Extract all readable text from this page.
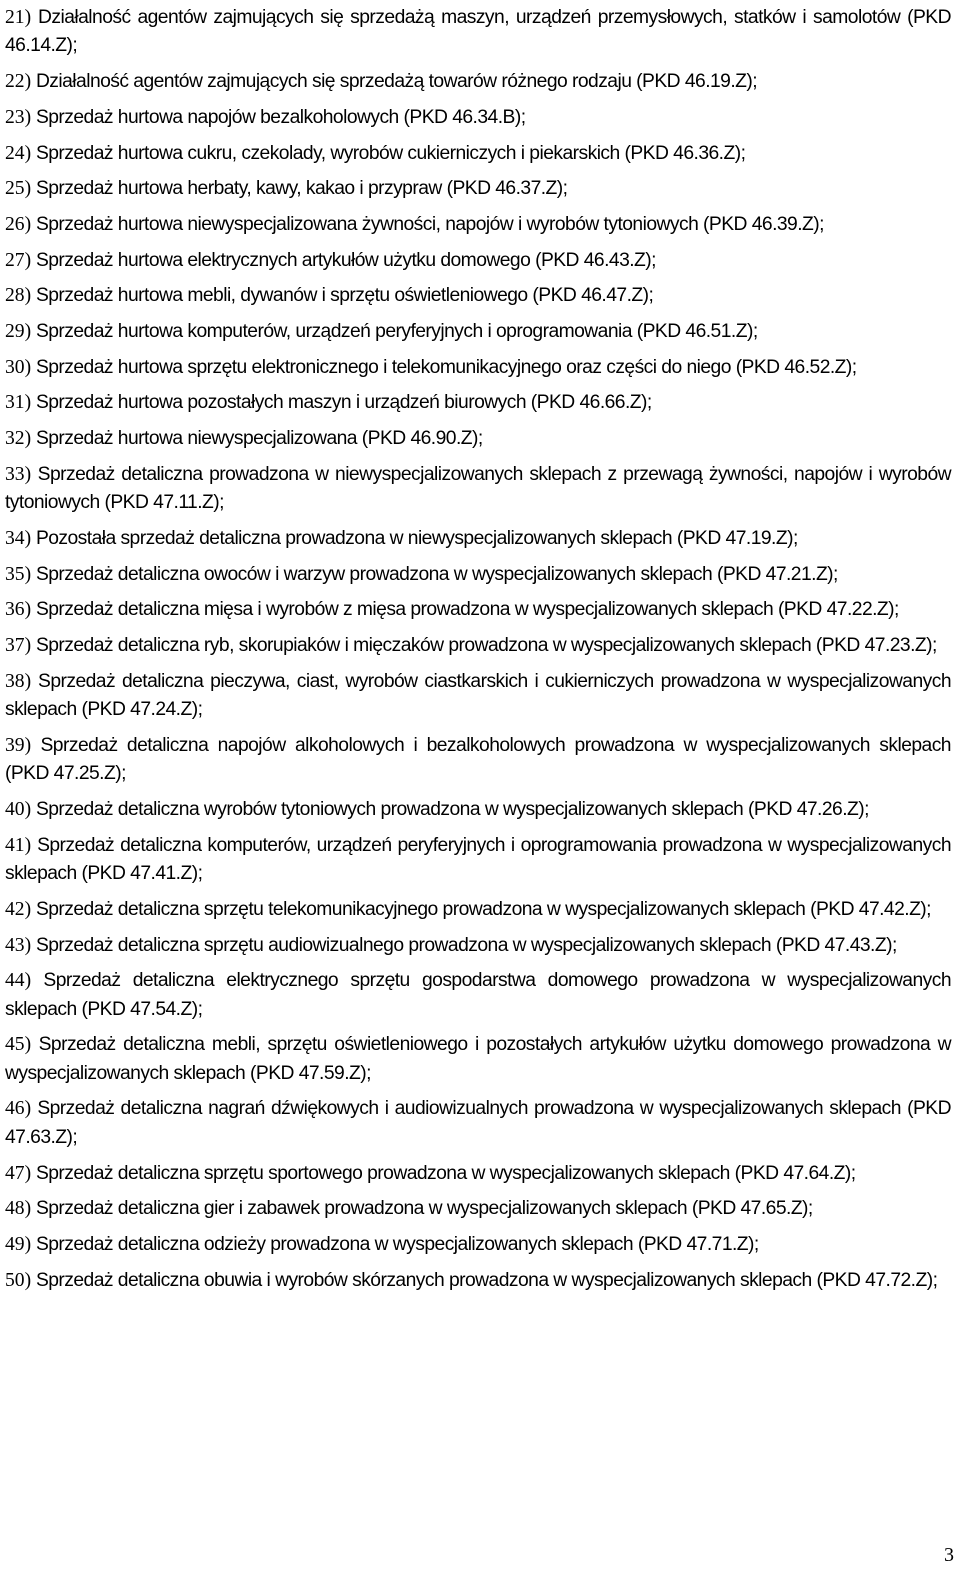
21) Działalność agentów zajmujących się sprzedażą maszyn, urządzeń przemysłowych, statków i samolotów (PKD 46.14.Z);
22) Działalność agentów zajmujących się sprzedażą towarów różnego rodzaju (PKD 46.19.Z);
23) Sprzedaż hurtowa napojów bezalkoholowych (PKD 46.34.B);
24) Sprzedaż hurtowa cukru, czekolady, wyrobów cukierniczych i piekarskich (PKD 46.36.Z);
25) Sprzedaż hurtowa herbaty, kawy, kakao i przypraw (PKD 46.37.Z);
26) Sprzedaż hurtowa niewyspecjalizowana żywności, napojów i wyrobów tytoniowych (PKD 46.39.Z);
27) Sprzedaż hurtowa elektrycznych artykułów użytku domowego (PKD 46.43.Z);
28) Sprzedaż hurtowa mebli, dywanów i sprzętu oświetleniowego (PKD 46.47.Z);
29) Sprzedaż hurtowa komputerów, urządzeń peryferyjnych i oprogramowania (PKD 46.51.Z);
30) Sprzedaż hurtowa sprzętu elektronicznego i telekomunikacyjnego oraz części do niego (PKD 46.52.Z);
31) Sprzedaż hurtowa pozostałych maszyn i urządzeń biurowych (PKD 46.66.Z);
32) Sprzedaż hurtowa niewyspecjalizowana (PKD 46.90.Z);
33) Sprzedaż detaliczna prowadzona w niewyspecjalizowanych sklepach z przewagą żywności, napojów i wyrobów tytoniowych (PKD 47.11.Z);
34) Pozostała sprzedaż detaliczna prowadzona w niewyspecjalizowanych sklepach (PKD 47.19.Z);
35) Sprzedaż detaliczna owoców i warzyw prowadzona w wyspecjalizowanych sklepach (PKD 47.21.Z);
36) Sprzedaż detaliczna mięsa i wyrobów z mięsa prowadzona w wyspecjalizowanych sklepach (PKD 47.22.Z);
37) Sprzedaż detaliczna ryb, skorupiaków i mięczaków prowadzona w wyspecjalizowanych sklepach (PKD 47.23.Z);
38) Sprzedaż detaliczna pieczywa, ciast, wyrobów ciastkarskich i cukierniczych prowadzona w wyspecjalizowanych sklepach (PKD 47.24.Z);
39) Sprzedaż detaliczna napojów alkoholowych i bezalkoholowych prowadzona w wyspecjalizowanych sklepach (PKD 47.25.Z);
40) Sprzedaż detaliczna wyrobów tytoniowych prowadzona w wyspecjalizowanych sklepach (PKD 47.26.Z);
41) Sprzedaż detaliczna komputerów, urządzeń peryferyjnych i oprogramowania prowadzona w wyspecjalizowanych sklepach (PKD 47.41.Z);
42) Sprzedaż detaliczna sprzętu telekomunikacyjnego prowadzona w wyspecjalizowanych sklepach (PKD 47.42.Z);
43) Sprzedaż detaliczna sprzętu audiowizualnego prowadzona w wyspecjalizowanych sklepach (PKD 47.43.Z);
44) Sprzedaż detaliczna elektrycznego sprzętu gospodarstwa domowego prowadzona w wyspecjalizowanych sklepach (PKD 47.54.Z);
45) Sprzedaż detaliczna mebli, sprzętu oświetleniowego i pozostałych artykułów użytku domowego prowadzona w wyspecjalizowanych sklepach (PKD 47.59.Z);
46) Sprzedaż detaliczna nagrań dźwiękowych i audiowizualnych prowadzona w wyspecjalizowanych sklepach (PKD 47.63.Z);
47) Sprzedaż detaliczna sprzętu sportowego prowadzona w wyspecjalizowanych sklepach (PKD 47.64.Z);
48) Sprzedaż detaliczna gier i zabawek prowadzona w wyspecjalizowanych sklepach (PKD 47.65.Z);
49) Sprzedaż detaliczna odzieży prowadzona w wyspecjalizowanych sklepach (PKD 47.71.Z);
50) Sprzedaż detaliczna obuwia i wyrobów skórzanych prowadzona w wyspecjalizowanych sklepach (PKD 47.72.Z);
3
